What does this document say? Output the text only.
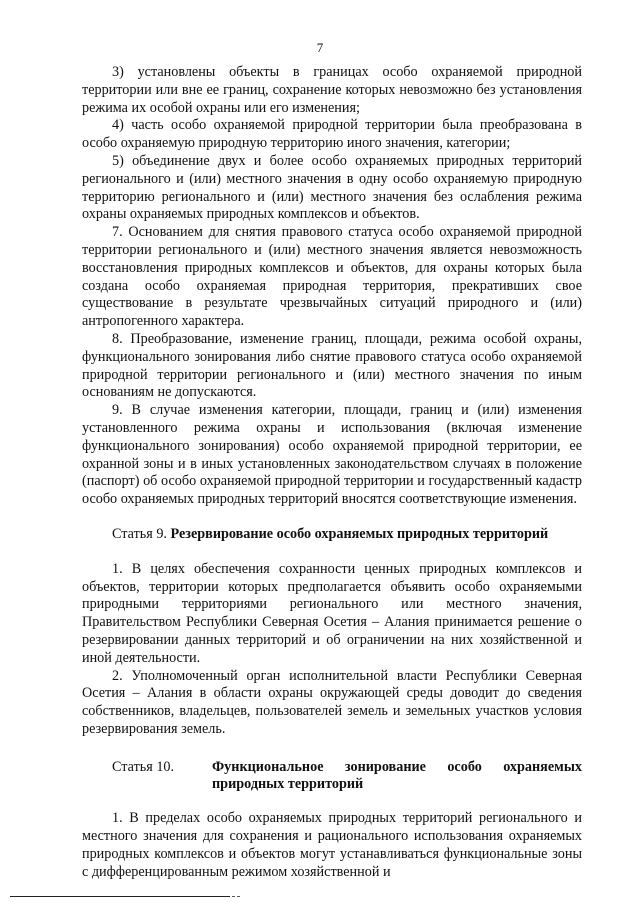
7

3) установлены объекты в границах особо охраняемой природной территории или вне ее границ, сохранение которых невозможно без установления режима их особой охраны или его изменения;

4) часть особо охраняемой природной территории была преобразована в особо охраняемую природную территорию иного значения, категории;

5) объединение двух и более особо охраняемых природных территорий регионального и (или) местного значения в одну особо охраняемую природную территорию регионального и (или) местного значения без ослабления режима охраны охраняемых природных комплексов и объектов.

7. Основанием для снятия правового статуса особо охраняемой природной территории регионального и (или) местного значения является невозможность восстановления природных комплексов и объектов, для охраны которых была создана особо охраняемая природная территория, прекративших свое существование в результате чрезвычайных ситуаций природного и (или) антропогенного характера.

8. Преобразование, изменение границ, площади, режима особой охраны, функционального зонирования либо снятие правового статуса особо охраняемой природной территории регионального и (или) местного значения по иным основаниям не допускаются.

9. В случае изменения категории, площади, границ и (или) изменения установленного режима охраны и использования (включая изменение функционального зонирования) особо охраняемой природной территории, ее охранной зоны и в иных установленных законодательством случаях в положение (паспорт) об особо охраняемой природной территории и государственный кадастр особо охраняемых природных территорий вносятся соответствующие изменения.

Статья 9. Резервирование особо охраняемых природных территорий

1. В целях обеспечения сохранности ценных природных комплексов и объектов, территории которых предполагается объявить особо охраняемыми природными территориями регионального или местного значения, Правительством Республики Северная Осетия – Алания принимается решение о резервировании данных территорий и об ограничении на них хозяйственной и иной деятельности.

2. Уполномоченный орган исполнительной власти Республики Северная Осетия – Алания в области охраны окружающей среды доводит до сведения собственников, владельцев, пользователей земель и земельных участков условия резервирования земель.

Статья 10.	Функциональное зонирование особо охраняемых природных территорий

1. В пределах особо охраняемых природных территорий регионального и местного значения для сохранения и рационального использования охраняемых природных комплексов и объектов могут устанавливаться функциональные зоны с дифференцированным режимом хозяйственной и
